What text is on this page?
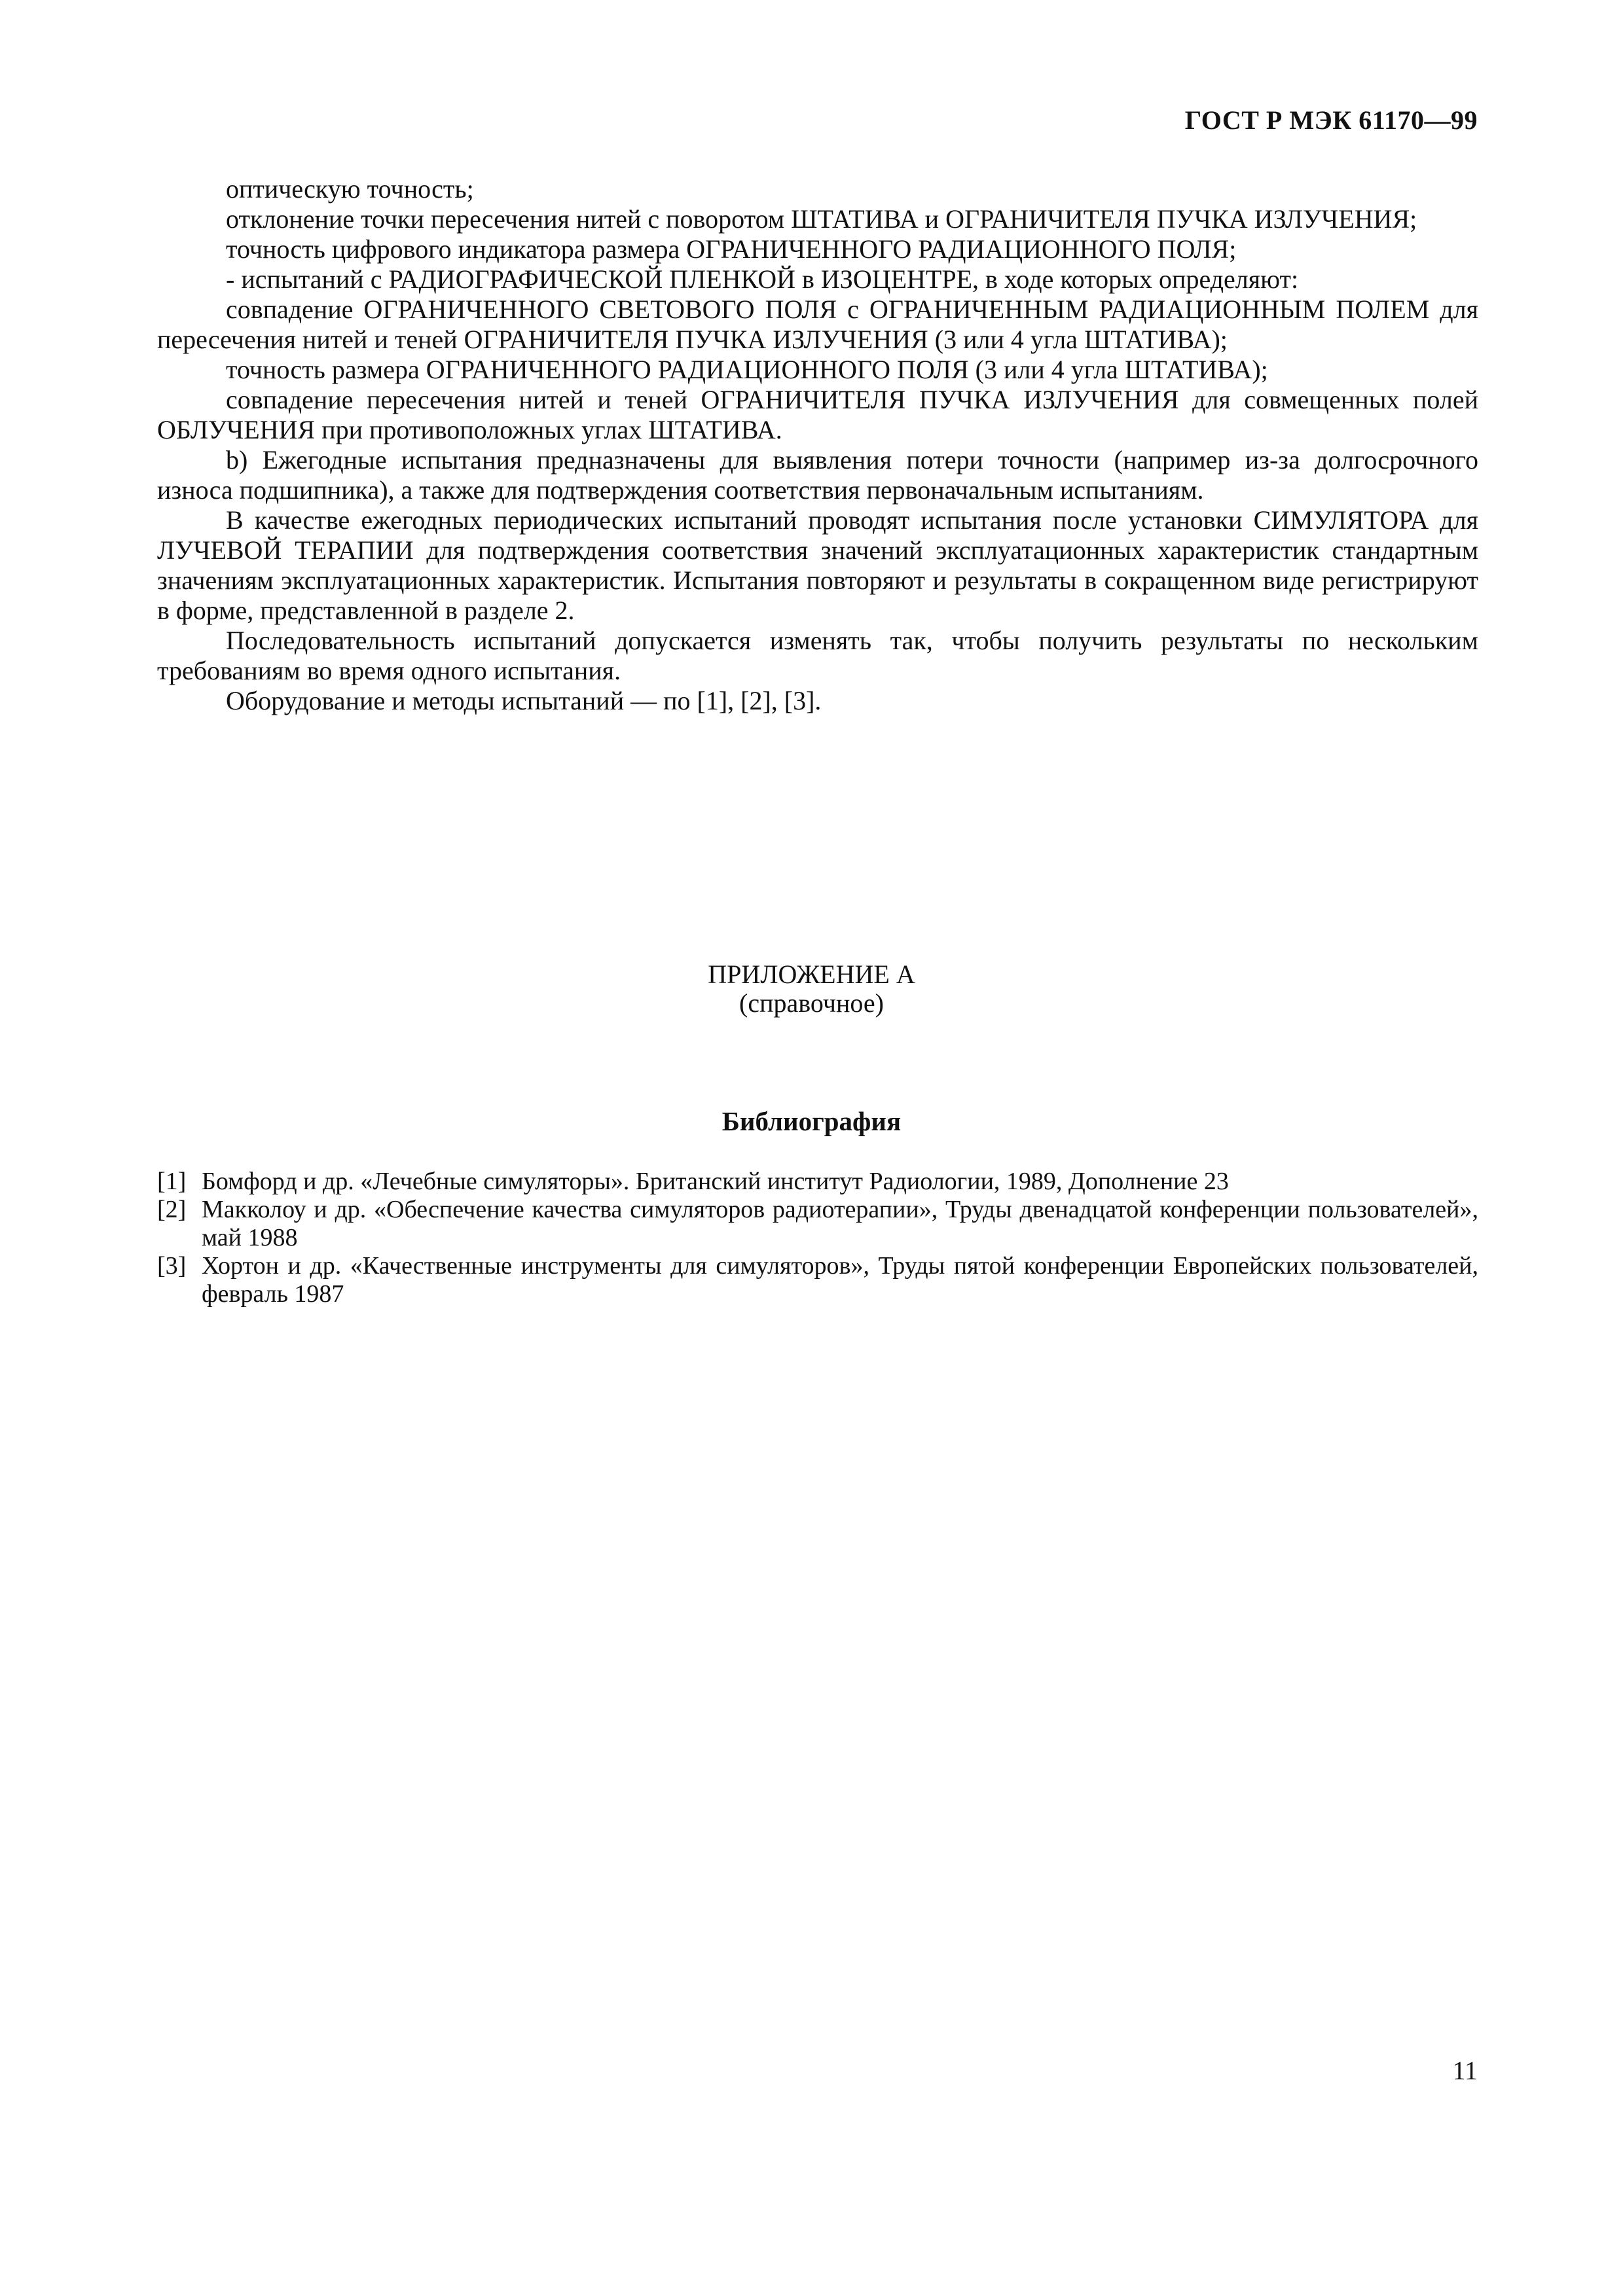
ГОСТ Р МЭК 61170—99

оптическую точность;

отклонение точки пересечения нитей с поворотом ШТАТИВА и ОГРАНИЧИТЕЛЯ ПУЧКА ИЗЛУЧЕНИЯ;

точность цифрового индикатора размера ОГРАНИЧЕННОГО РАДИАЦИОННОГО ПОЛЯ;

- испытаний с РАДИОГРАФИЧЕСКОЙ ПЛЕНКОЙ в ИЗОЦЕНТРЕ, в ходе которых определяют:

совпадение ОГРАНИЧЕННОГО СВЕТОВОГО ПОЛЯ с ОГРАНИЧЕННЫМ РАДИАЦИОННЫМ ПОЛЕМ для пересечения нитей и теней ОГРАНИЧИТЕЛЯ ПУЧКА ИЗЛУЧЕНИЯ (3 или 4 угла ШТАТИВА);

точность размера ОГРАНИЧЕННОГО РАДИАЦИОННОГО ПОЛЯ (3 или 4 угла ШТАТИВА);

совпадение пересечения нитей и теней ОГРАНИЧИТЕЛЯ ПУЧКА ИЗЛУЧЕНИЯ для совмещенных полей ОБЛУЧЕНИЯ при противоположных углах ШТАТИВА.

b) Ежегодные испытания предназначены для выявления потери точности (например из-за долгосрочного износа подшипника), а также для подтверждения соответствия первоначальным испытаниям.

В качестве ежегодных периодических испытаний проводят испытания после установки СИМУЛЯТОРА для ЛУЧЕВОЙ ТЕРАПИИ для подтверждения соответствия значений эксплуатационных характеристик стандартным значениям эксплуатационных характеристик. Испытания повторяют и результаты в сокращенном виде регистрируют в форме, представленной в разделе 2.

Последовательность испытаний допускается изменять так, чтобы получить результаты по нескольким требованиям во время одного испытания.

Оборудование и методы испытаний — по [1], [2], [3].

ПРИЛОЖЕНИЕ А
(справочное)
Библиография
[1] Бомфорд и др. «Лечебные симуляторы». Британский институт Радиологии, 1989, Дополнение 23
[2] Макколоу и др. «Обеспечение качества симуляторов радиотерапии», Труды двенадцатой конференции пользователей», май 1988
[3] Хортон и др. «Качественные инструменты для симуляторов», Труды пятой конференции Европейских пользователей, февраль 1987
11
